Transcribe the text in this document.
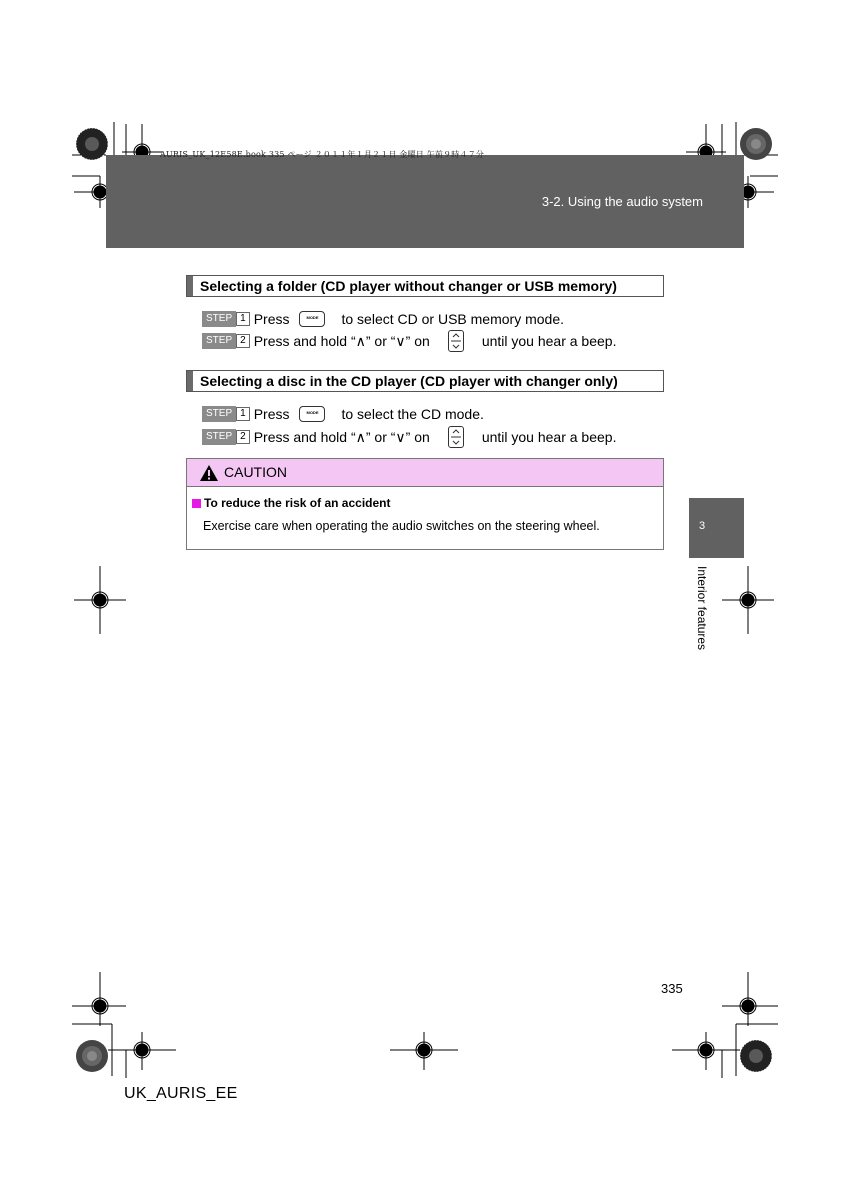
AURIS_UK_12E58E.book 335 ページ ２０１１年１月２１日 金曜日 午前９時４７分
3-2. Using the audio system
Selecting a folder (CD player without changer or USB memory)
STEP 1 Press	MODE	to select CD or USB memory mode.
STEP 2 Press and hold “∧” or “∨” on	until you hear a beep.
Selecting a disc in the CD player (CD player with changer only)
STEP 1 Press	MODE	to select the CD mode.
STEP 2 Press and hold “∧” or “∨” on	until you hear a beep.
CAUTION
To reduce the risk of an accident
Exercise care when operating the audio switches on the steering wheel.	3
Interior features
335
UK_AURIS_EE
